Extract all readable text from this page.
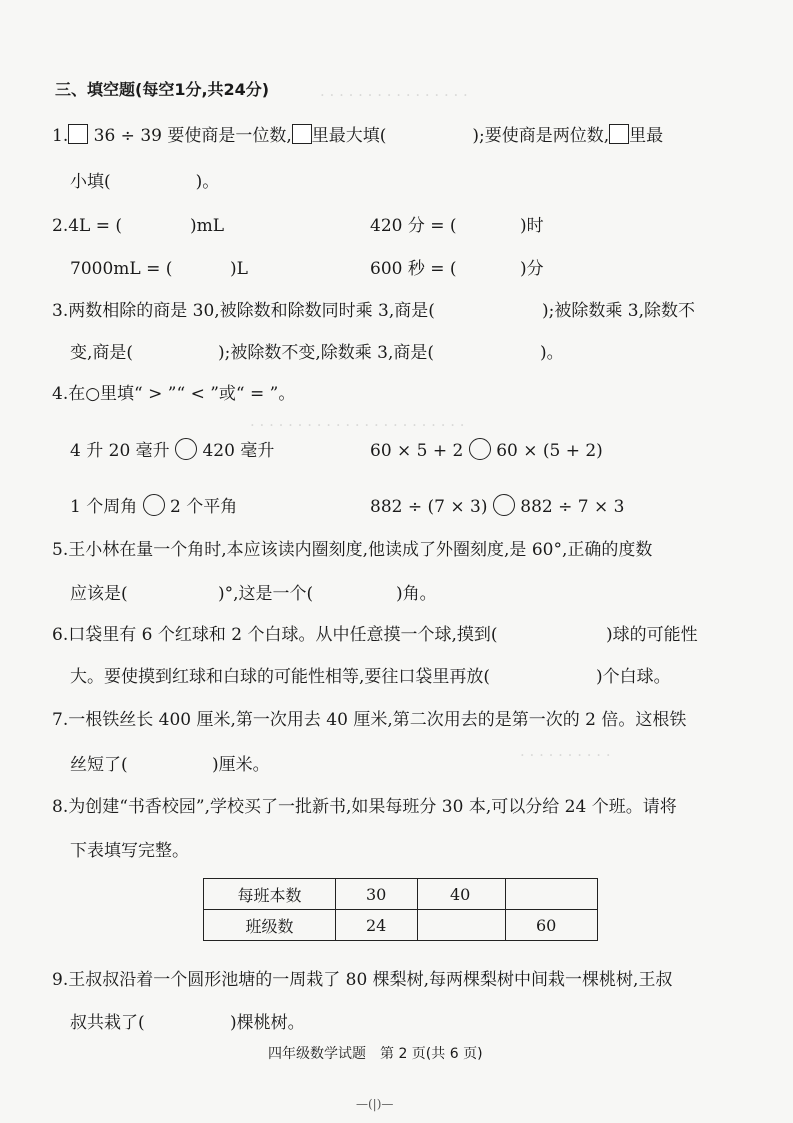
· · · · · · · · · · · · · · · ·
· · · · · · · · · · · · · · · · · · · · · · ·
· · · · · · · · · ·
三、填空题(每空1分,共24分)
1. 36 ÷ 39 要使商是一位数, 里最大填(	);要使商是两位数, 里最
小填(　　　　　)。
2.4L = (	)mL	420 分 = (	)时
7000mL = (	)L	600 秒 = (	)分
3.两数相除的商是 30,被除数和除数同时乘 3,商是(	);被除数乘 3,除数不
变,商是(	);被除数不变,除数乘 3,商是(	)。
4.在○里填“ > ”“ < ”或“ = ”。
4 升 20 毫升 420 毫升	60 × 5 + 2 60 × (5 + 2)
1 个周角 2 个平角	882 ÷ (7 × 3) 882 ÷ 7 × 3
5.王小林在量一个角时,本应该读内圈刻度,他读成了外圈刻度,是 60°,正确的度数
应该是(	)°,这是一个(	)角。
6.口袋里有 6 个红球和 2 个白球。从中任意摸一个球,摸到(	)球的可能性
大。要使摸到红球和白球的可能性相等,要往口袋里再放(	)个白球。
7.一根铁丝长 400 厘米,第一次用去 40 厘米,第二次用去的是第一次的 2 倍。这根铁
丝短了(	)厘米。
8.为创建“书香校园”,学校买了一批新书,如果每班分 30 本,可以分给 24 个班。请将
下表填写完整。
每班本数	30	40	
班级数	24		60
9.王叔叔沿着一个圆形池塘的一周栽了 80 棵梨树,每两棵梨树中间栽一棵桃树,王叔
叔共栽了(	)棵桃树。
四年级数学试题　第 2 页(共 6 页)
—(|)—
